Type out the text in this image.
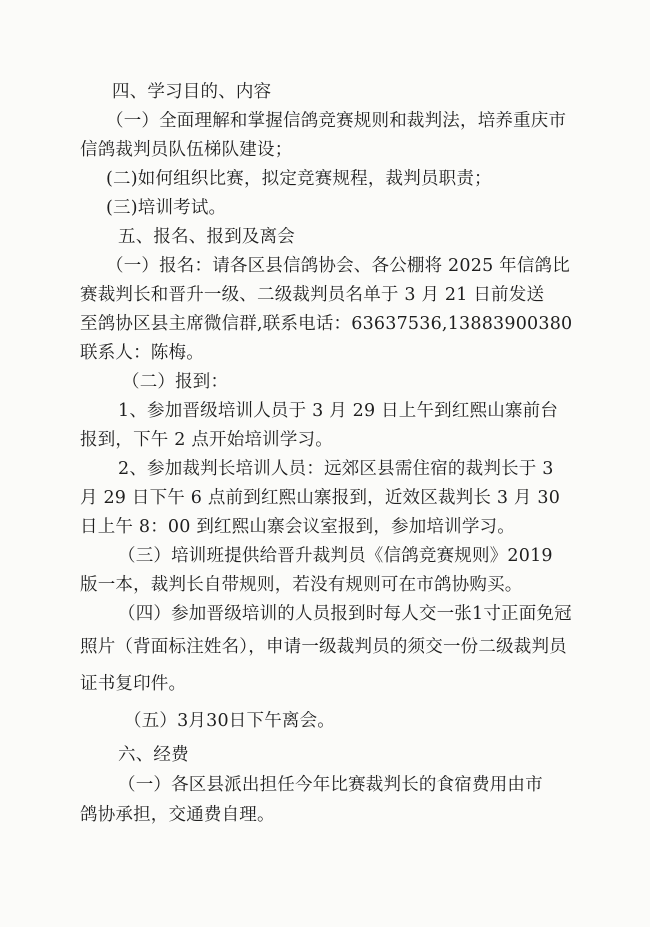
四、学习目的、内容
（一）全面理解和掌握信鸽竞赛规则和裁判法，培养重庆市
信鸽裁判员队伍梯队建设；
(二)如何组织比赛，拟定竞赛规程，裁判员职责；
(三)培训考试。
五、报名、报到及离会
（一）报名：请各区县信鸽协会、各公棚将 2025 年信鸽比
赛裁判长和晋升一级、二级裁判员名单于 3 月 21 日前发送
至鸽协区县主席微信群,联系电话：63637536,13883900380
联系人：陈梅。
（二）报到：
1、参加晋级培训人员于 3 月 29 日上午到红熙山寨前台
报到，下午 2 点开始培训学习。
2、参加裁判长培训人员：远郊区县需住宿的裁判长于 3
月 29 日下午 6 点前到红熙山寨报到，近效区裁判长 3 月 30
日上午 8：00 到红熙山寨会议室报到，参加培训学习。
（三）培训班提供给晋升裁判员《信鸽竞赛规则》2019
版一本，裁判长自带规则，若没有规则可在市鸽协购买。
（四）参加晋级培训的人员报到时每人交一张1寸正面免冠
照片（背面标注姓名），申请一级裁判员的须交一份二级裁判员
证书复印件。
（五）3月30日下午离会。
六、经费
（一）各区县派出担任今年比赛裁判长的食宿费用由市
鸽协承担，交通费自理。
